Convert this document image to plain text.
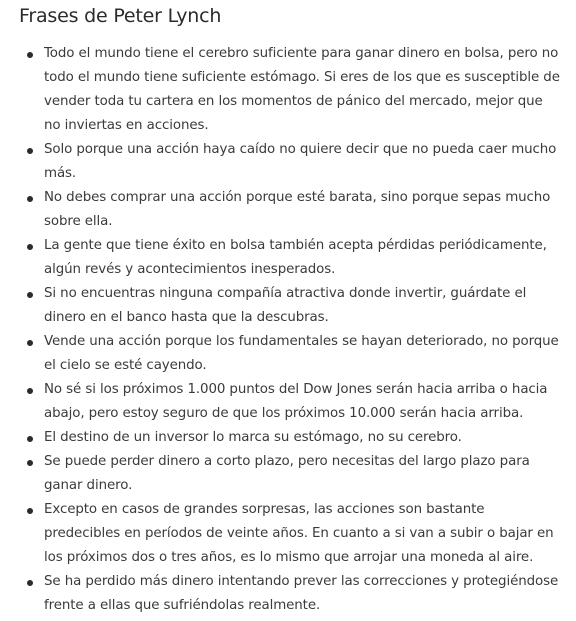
Frases de Peter Lynch
Todo el mundo tiene el cerebro suficiente para ganar dinero en bolsa, pero no todo el mundo tiene suficiente estómago. Si eres de los que es susceptible de vender toda tu cartera en los momentos de pánico del mercado, mejor que no inviertas en acciones.
Solo porque una acción haya caído no quiere decir que no pueda caer mucho más.
No debes comprar una acción porque esté barata, sino porque sepas mucho sobre ella.
La gente que tiene éxito en bolsa también acepta pérdidas periódicamente, algún revés y acontecimientos inesperados.
Si no encuentras ninguna compañía atractiva donde invertir, guárdate el dinero en el banco hasta que la descubras.
Vende una acción porque los fundamentales se hayan deteriorado, no porque el cielo se esté cayendo.
No sé si los próximos 1.000 puntos del Dow Jones serán hacia arriba o hacia abajo, pero estoy seguro de que los próximos 10.000 serán hacia arriba.
El destino de un inversor lo marca su estómago, no su cerebro.
Se puede perder dinero a corto plazo, pero necesitas del largo plazo para ganar dinero.
Excepto en casos de grandes sorpresas, las acciones son bastante predecibles en períodos de veinte años. En cuanto a si van a subir o bajar en los próximos dos o tres años, es lo mismo que arrojar una moneda al aire.
Se ha perdido más dinero intentando prever las correcciones y protegiéndose frente a ellas que sufriéndolas realmente.
